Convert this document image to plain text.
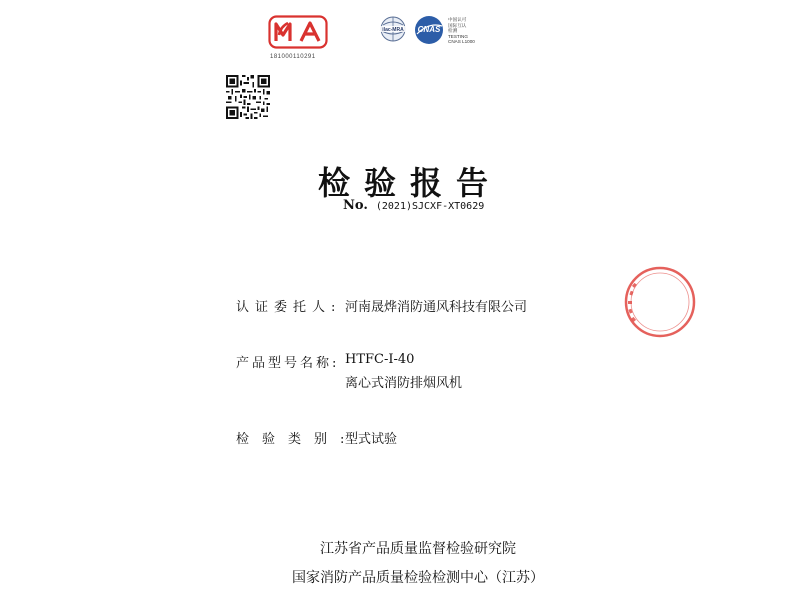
181000110291
ilac-MRA CNAS
中国认可
国际互认
检测
TESTING
CNAS L1000
检验报告
No. (2021)SJCXF-XT0629
认证委托人: 河南晟烨消防通风科技有限公司
产品型号名称: HTFC-Ⅰ-40
离心式消防排烟风机
检验类别: 型式试验
江苏省产品质量监督检验研究院
国家消防产品质量检验检测中心（江苏）
